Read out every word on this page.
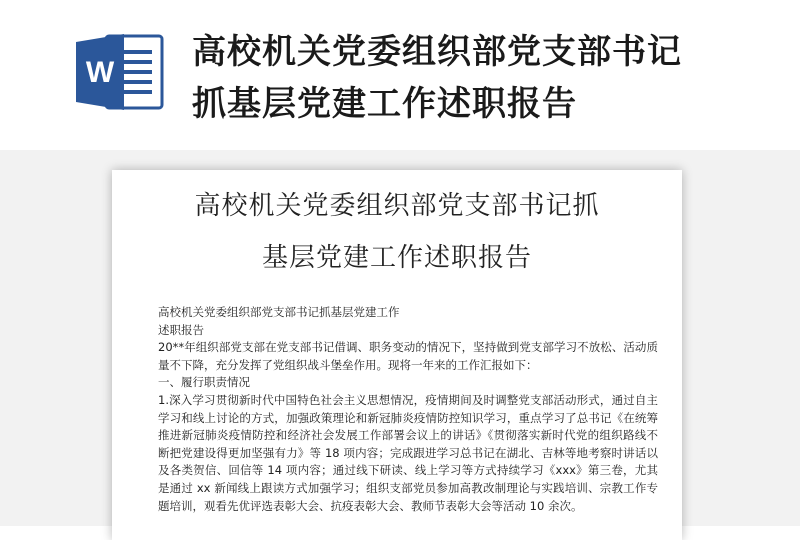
W
高校机关党委组织部党支部书记
抓基层党建工作述职报告
高校机关党委组织部党支部书记抓
基层党建工作述职报告

高校机关党委组织部党支部书记抓基层党建工作

述职报告

20**年组织部党支部在党支部书记借调、职务变动的情况下，坚持做到党支部学习不放松、活动质量不下降，充分发挥了党组织战斗堡垒作用。现将一年来的工作汇报如下：

一、履行职责情况

1.深入学习贯彻新时代中国特色社会主义思想情况，疫情期间及时调整党支部活动形式，通过自主学习和线上讨论的方式，加强政策理论和新冠肺炎疫情防控知识学习，重点学习了总书记《在统筹推进新冠肺炎疫情防控和经济社会发展工作部署会议上的讲话》《贯彻落实新时代党的组织路线不断把党建设得更加坚强有力》等 18 项内容；完成跟进学习总书记在湖北、吉林等地考察时讲话以及各类贺信、回信等 14 项内容；通过线下研读、线上学习等方式持续学习《xxx》第三卷，尤其是通过 xx 新闻线上跟读方式加强学习；组织支部党员参加高教改制理论与实践培训、宗教工作专题培训，观看先优评选表彰大会、抗疫表彰大会、教师节表彰大会等活动 10 余次。
